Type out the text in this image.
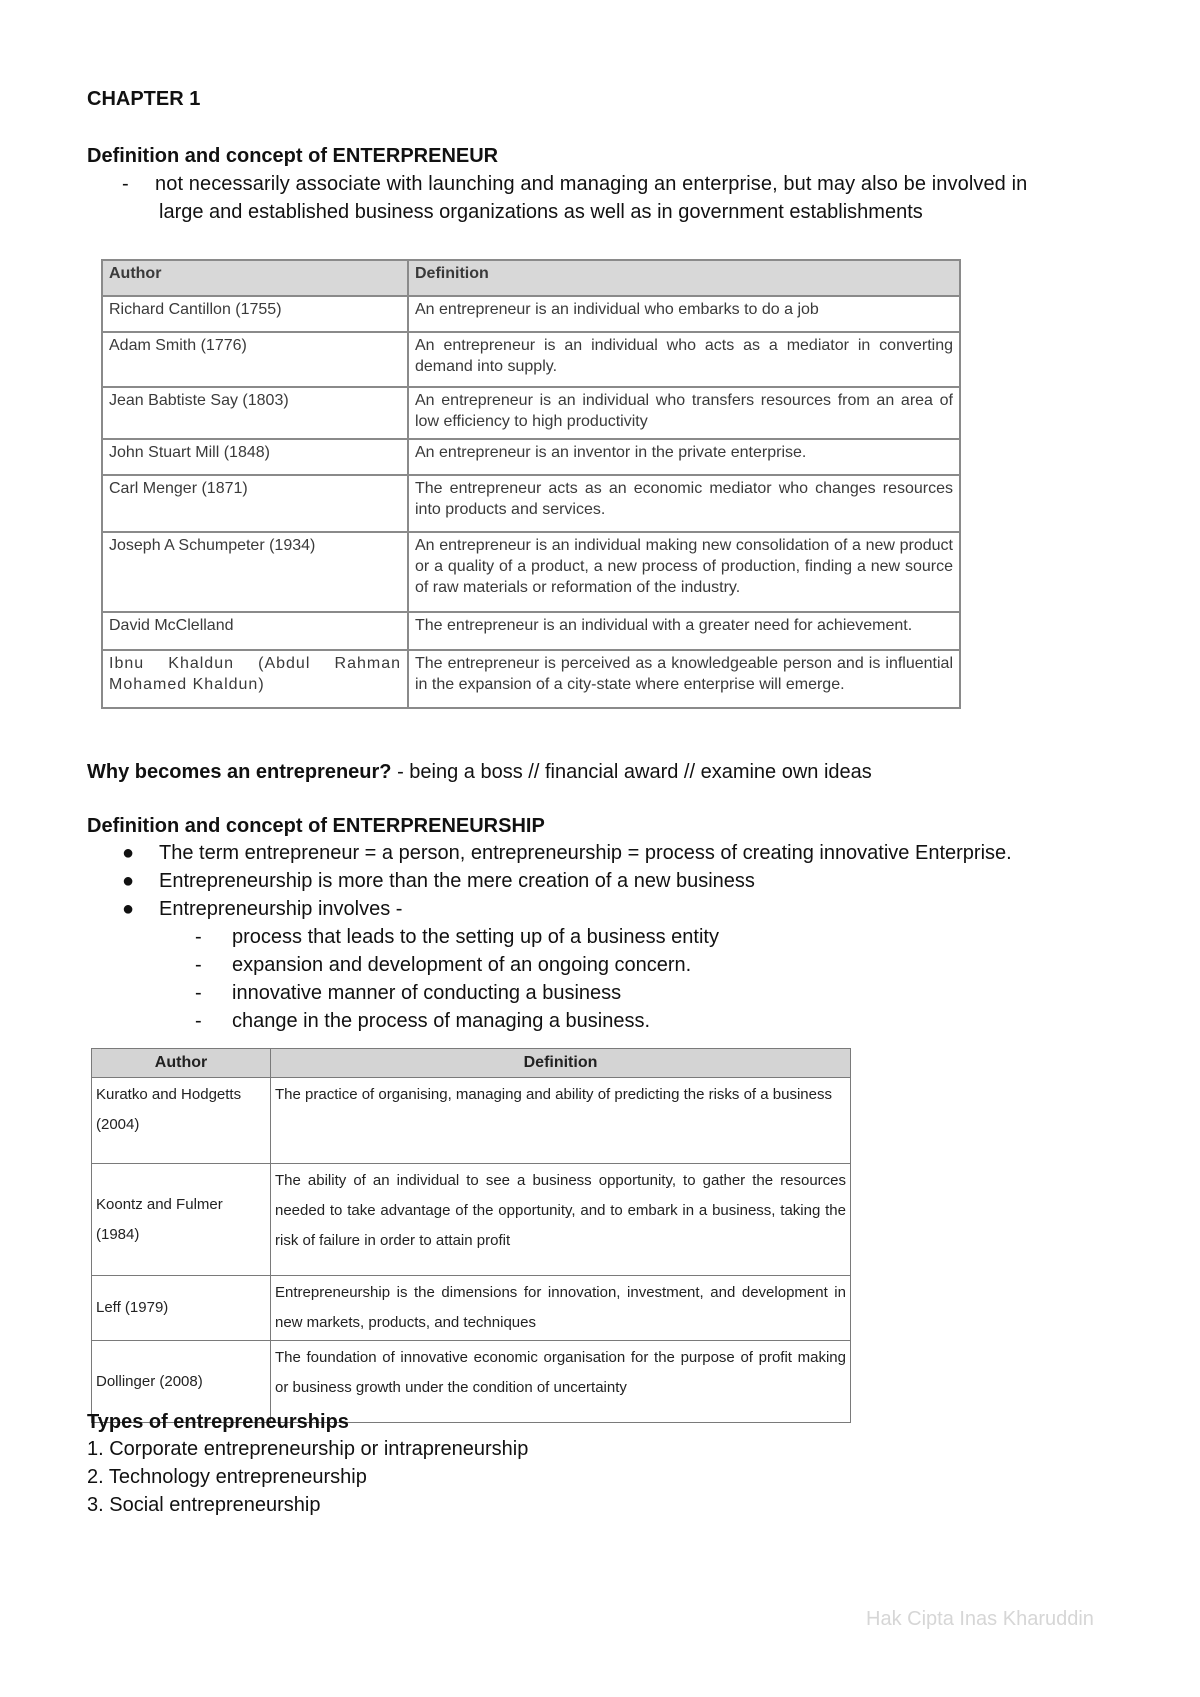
CHAPTER 1
Definition and concept of ENTERPRENEUR
- not necessarily associate with launching and managing an enterprise, but may also be involved in
large and established business organizations as well as in government establishments
Author	Definition
Richard Cantillon (1755)	An entrepreneur is an individual who embarks to do a job
Adam Smith (1776)	An entrepreneur is an individual who acts as a mediator in converting demand into supply.
Jean Babtiste Say (1803)	An entrepreneur is an individual who transfers resources from an area of low efficiency to high productivity
John Stuart Mill (1848)	An entrepreneur is an inventor in the private enterprise.
Carl Menger (1871)	The entrepreneur acts as an economic mediator who changes resources into products and services.
Joseph A Schumpeter (1934)	An entrepreneur is an individual making new consolidation of a new product or a quality of a product, a new process of production, finding a new source of raw materials or reformation of the industry.
David McClelland	The entrepreneur is an individual with a greater need for achievement.
Ibnu Khaldun (Abdul Rahman Mohamed Khaldun)	The entrepreneur is perceived as a knowledgeable person and is influential in the expansion of a city-state where enterprise will emerge.
Why becomes an entrepreneur? - being a boss // financial award // examine own ideas
Definition and concept of ENTERPRENEURSHIP
● The term entrepreneur = a person, entrepreneurship = process of creating innovative Enterprise.
● Entrepreneurship is more than the mere creation of a new business
● Entrepreneurship involves -
- process that leads to the setting up of a business entity
- expansion and development of an ongoing concern.
- innovative manner of conducting a business
- change in the process of managing a business.
Author	Definition
Kuratko and Hodgetts (2004)	The practice of organising, managing and ability of predicting the risks of a business
Koontz and Fulmer (1984)	The ability of an individual to see a business opportunity, to gather the resources needed to take advantage of the opportunity, and to embark in a business, taking the risk of failure in order to attain profit
Leff (1979)	Entrepreneurship is the dimensions for innovation, investment, and development in new markets, products, and techniques
Dollinger (2008)	The foundation of innovative economic organisation for the purpose of profit making or business growth under the condition of uncertainty
Types of entrepreneurships
1. Corporate entrepreneurship or intrapreneurship
2. Technology entrepreneurship
3. Social entrepreneurship
Hak Cipta Inas Kharuddin
